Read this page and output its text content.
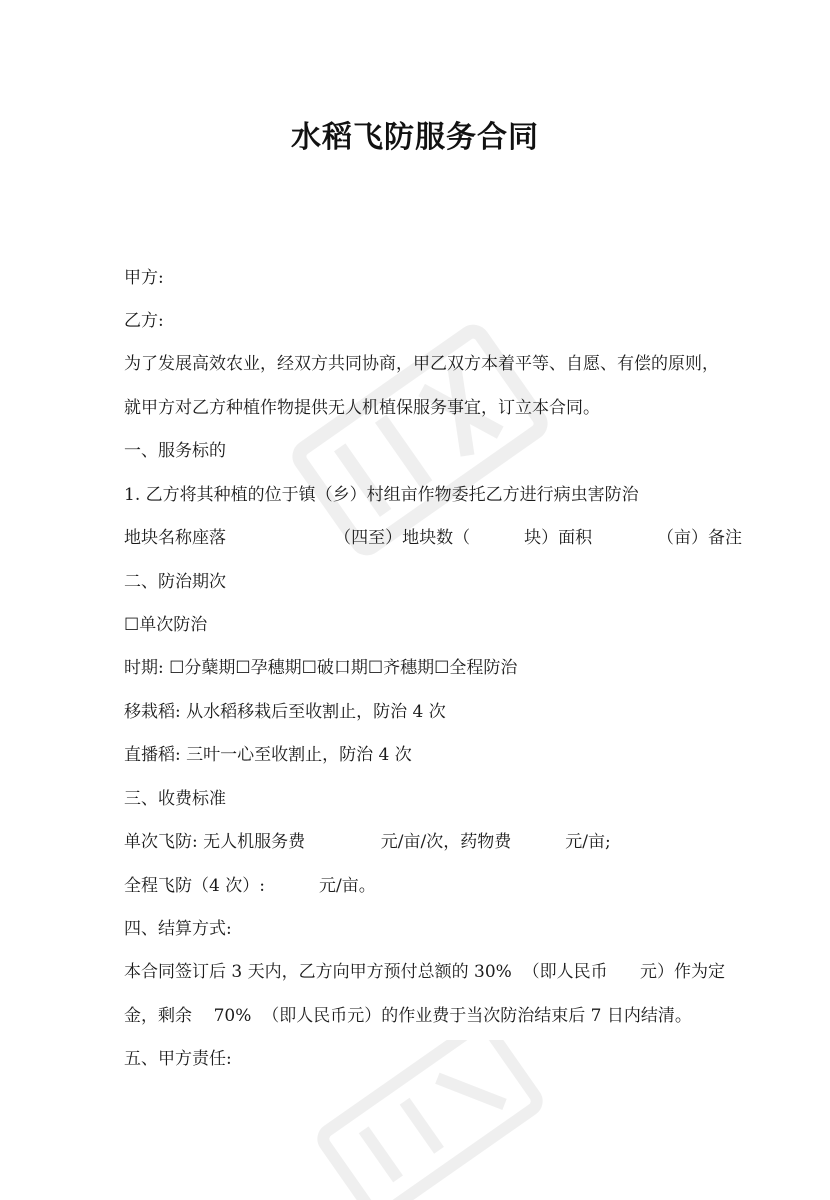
水稻飞防服务合同
甲方:
乙方:
为了发展高效农业，经双方共同协商，甲乙双方本着平等、自愿、有偿的原则，
就甲方对乙方种植作物提供无人机植保服务事宜，订立本合同。
一、服务标的
1. 乙方将其种植的位于镇（乡）村组亩作物委托乙方进行病虫害防治
地块名称座落                    （四至）地块数（          块）面积            （亩）备注
二、防治期次
☐单次防治
时期: ☐分蘖期☐孕穗期☐破口期☐齐穗期☐全程防治
移栽稻: 从水稻移栽后至收割止，防治 4 次
直播稻: 三叶一心至收割止，防治 4 次
三、收费标准
单次飞防: 无人机服务费              元/亩/次，药物费          元/亩;
全程飞防（4 次）:          元/亩。
四、结算方式:
本合同签订后 3 天内，乙方向甲方预付总额的 30%  （即人民币      元）作为定
金，剩余    70%  （即人民币元）的作业费于当次防治结束后 7 日内结清。
五、甲方责任:
